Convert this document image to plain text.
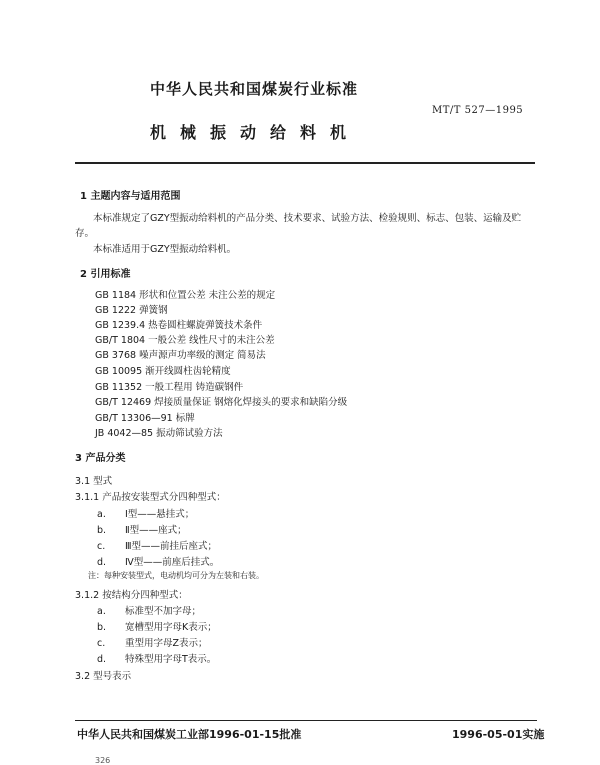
中华人民共和国煤炭行业标准
MT/T 527—1995
机械振动给料机
1 主题内容与适用范围
本标准规定了GZY型振动给料机的产品分类、技术要求、试验方法、检验规则、标志、包装、运输及贮存。
本标准适用于GZY型振动给料机。
2 引用标准
GB 1184 形状和位置公差 未注公差的规定
GB 1222 弹簧钢
GB 1239.4 热卷圆柱螺旋弹簧技术条件
GB/T 1804 一般公差 线性尺寸的未注公差
GB 3768 噪声源声功率级的测定 简易法
GB 10095 渐开线圆柱齿轮精度
GB 11352 一般工程用 铸造碳钢件
GB/T 12469 焊接质量保证 钢熔化焊接头的要求和缺陷分级
GB/T 13306—91 标牌
JB 4042—85 振动筛试验方法
3 产品分类
3.1 型式
3.1.1 产品按安装型式分四种型式：
a. Ⅰ型——悬挂式；
b. Ⅱ型——座式；
c. Ⅲ型——前挂后座式；
d. Ⅳ型——前座后挂式。
注：每种安装型式，电动机均可分为左装和右装。
3.1.2 按结构分四种型式：
a. 标准型不加字母；
b. 宽槽型用字母K表示；
c. 重型用字母Z表示；
d. 特殊型用字母T表示。
3.2 型号表示
中华人民共和国煤炭工业部1996-01-15批准	1996-05-01实施
326
